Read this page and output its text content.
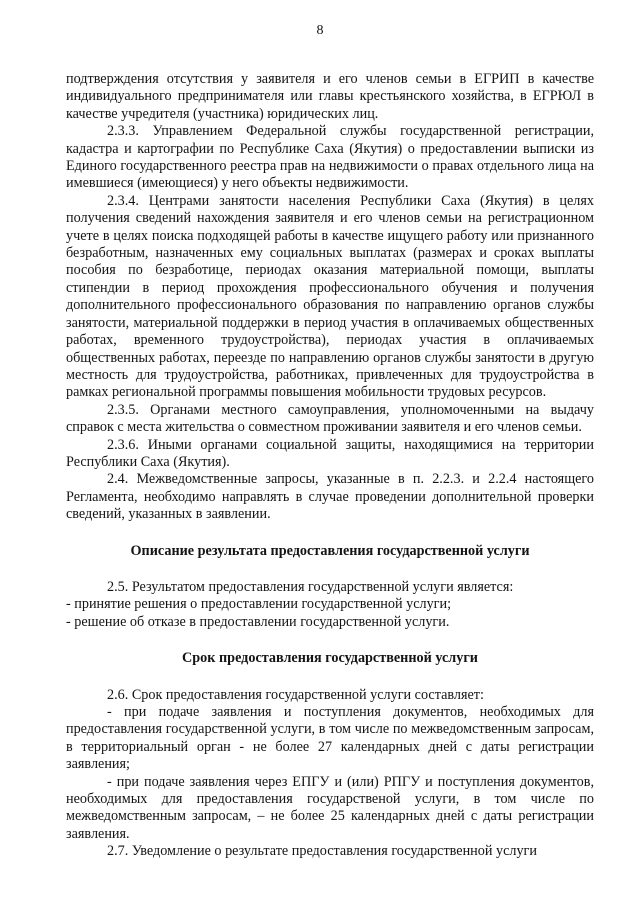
8

подтверждения отсутствия у заявителя и его членов семьи в ЕГРИП в качестве индивидуального предпринимателя или главы крестьянского хозяйства, в ЕГРЮЛ в качестве учредителя (участника) юридических лиц.

2.3.3. Управлением Федеральной службы государственной регистрации, кадастра и картографии по Республике Саха (Якутия) о предоставлении выписки из Единого государственного реестра прав на недвижимости о правах отдельного лица на имевшиеся (имеющиеся) у него объекты недвижимости.

2.3.4. Центрами занятости населения Республики Саха (Якутия) в целях получения сведений нахождения заявителя и его членов семьи на регистрационном учете в целях поиска подходящей работы в качестве ищущего работу или признанного безработным, назначенных ему социальных выплатах (размерах и сроках выплаты пособия по безработице, периодах оказания материальной помощи, выплаты стипендии в период прохождения профессионального обучения и получения дополнительного профессионального образования по направлению органов службы занятости, материальной поддержки в период участия в оплачиваемых общественных работах, временного трудоустройства), периодах участия в оплачиваемых общественных работах, переезде по направлению органов службы занятости в другую местность для трудоустройства, работниках, привлеченных для трудоустройства в рамках региональной программы повышения мобильности трудовых ресурсов.

2.3.5. Органами местного самоуправления, уполномоченными на выдачу справок с места жительства о совместном проживании заявителя и его членов семьи.

2.3.6. Иными органами социальной защиты, находящимися на территории Республики Саха (Якутия).

2.4. Межведомственные запросы, указанные в п. 2.2.3. и 2.2.4 настоящего Регламента, необходимо направлять в случае проведении дополнительной проверки сведений, указанных в заявлении.

Описание результата предоставления государственной услуги

2.5. Результатом предоставления государственной услуги является:

- принятие решения о предоставлении государственной услуги;

- решение об отказе в предоставлении государственной услуги.

Срок предоставления государственной услуги

2.6. Срок предоставления государственной услуги составляет:

- при подаче заявления и поступления документов, необходимых для предоставления государственной услуги, в том числе по межведомственным запросам, в территориальный орган - не более 27 календарных дней с даты регистрации заявления;

- при подаче заявления через ЕПГУ и (или) РПГУ и поступления документов, необходимых для предоставления государственой услуги, в том числе по межведомственным запросам, – не более 25 календарных дней с даты регистрации заявления.

2.7. Уведомление о результате предоставления государственной услуги
